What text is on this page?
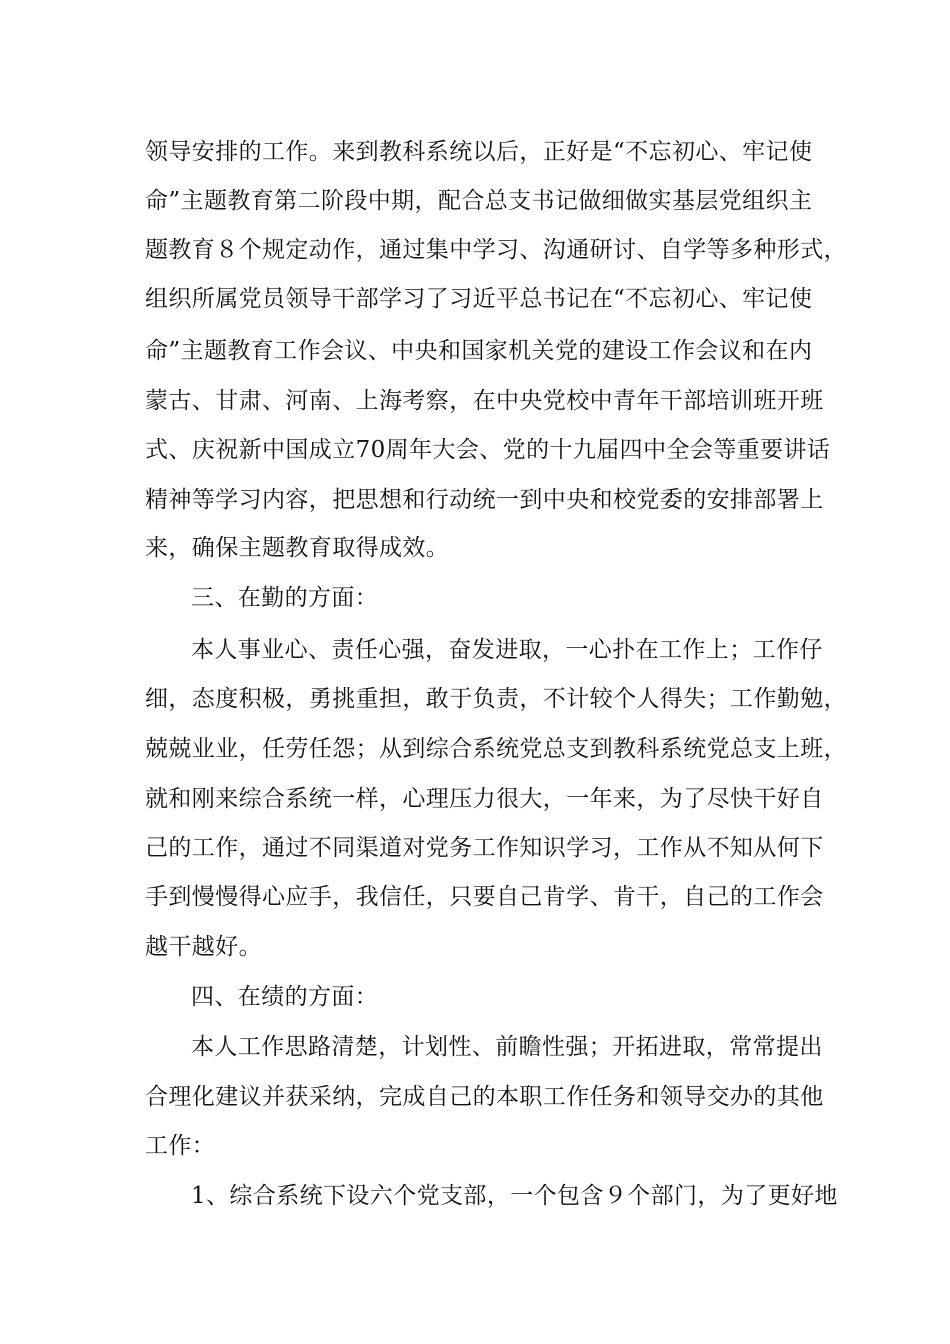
领导安排的工作。来到教科系统以后，正好是“不忘初心、牢记使
命”主题教育第二阶段中期，配合总支书记做细做实基层党组织主
题教育８个规定动作，通过集中学习、沟通研讨、自学等多种形式，
组织所属党员领导干部学习了习近平总书记在“不忘初心、牢记使
命”主题教育工作会议、中央和国家机关党的建设工作会议和在内
蒙古、甘肃、河南、上海考察，在中央党校中青年干部培训班开班
式、庆祝新中国成立70周年大会、党的十九届四中全会等重要讲话
精神等学习内容，把思想和行动统一到中央和校党委的安排部署上
来，确保主题教育取得成效。
三、在勤的方面：
本人事业心、责任心强，奋发进取，一心扑在工作上；工作仔
细，态度积极，勇挑重担，敢于负责，不计较个人得失；工作勤勉，
兢兢业业，任劳任怨；从到综合系统党总支到教科系统党总支上班，
就和刚来综合系统一样，心理压力很大，一年来，为了尽快干好自
己的工作，通过不同渠道对党务工作知识学习，工作从不知从何下
手到慢慢得心应手，我信任，只要自己肯学、肯干，自己的工作会
越干越好。
四、在绩的方面：
本人工作思路清楚，计划性、前瞻性强；开拓进取，常常提出
合理化建议并获采纳，完成自己的本职工作任务和领导交办的其他
工作：
1、综合系统下设六个党支部，一个包含９个部门，为了更好地
